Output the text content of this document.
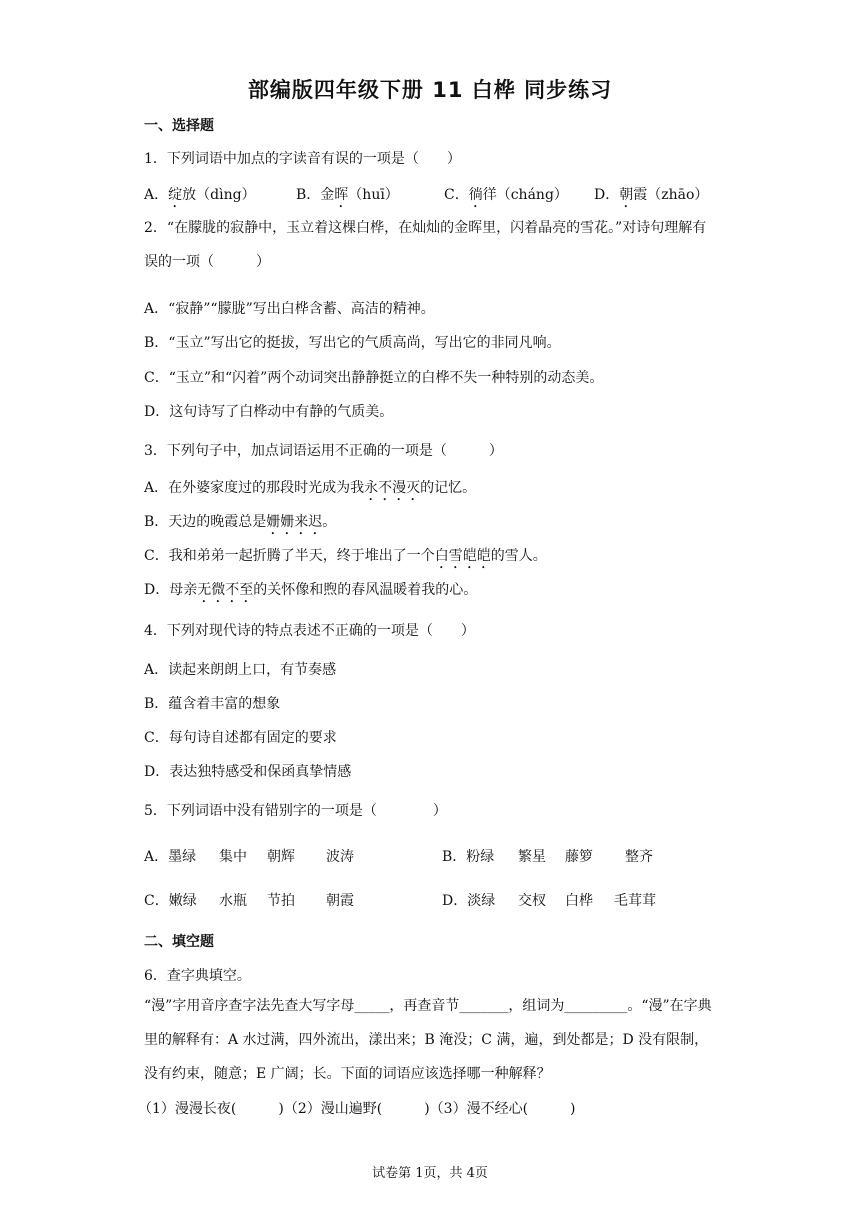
部编版四年级下册 11 白桦 同步练习
一、选择题
1．下列词语中加点的字读音有误的一项是（　　）
A．绽放（dìng）	B．金晖（huī）	C．徜徉（cháng） D．朝霞（zhāo）
2．“在朦胧的寂静中，玉立着这棵白桦，在灿灿的金晖里，闪着晶亮的雪花。”对诗句理解有误的一项（　　　）
A．“寂静”“朦胧”写出白桦含蓄、高洁的精神。
B．“玉立”写出它的挺拔，写出它的气质高尚，写出它的非同凡响。
C．“玉立”和“闪着”两个动词突出静静挺立的白桦不失一种特别的动态美。
D．这句诗写了白桦动中有静的气质美。
3．下列句子中，加点词语运用不正确的一项是（　　　）
A．在外婆家度过的那段时光成为我永不漫灭的记忆。
B．天边的晚霞总是姗姗来迟。
C．我和弟弟一起折腾了半天，终于堆出了一个白雪皑皑的雪人。
D．母亲无微不至的关怀像和煦的春风温暖着我的心。
4．下列对现代诗的特点表述不正确的一项是（　　）
A．读起来朗朗上口，有节奏感
B．蕴含着丰富的想象
C．每句诗自述都有固定的要求
D．表达独特感受和保函真挚情感
5．下列词语中没有错别字的一项是（　　　　）
A．墨绿 集中 朝辉 波涛	B．粉绿 繁星 藤箩 整齐
C．嫩绿 水瓶 节拍 朝霞	D．淡绿 交杈 白桦 毛茸茸
二、填空题
6．查字典填空。
“漫”字用音序查字法先查大写字母_____，再查音节_______，组词为_________。“漫”在字典里的解释有：A 水过满，四外流出，漾出来；B 淹没；C 满，遍，到处都是；D 没有限制，没有约束，随意；E 广阔；长。下面的词语应该选择哪一种解释？
（1）漫漫长夜(　　　)（2）漫山遍野(　　　)（3）漫不经心(　　　)
试卷第 1页，共 4页
